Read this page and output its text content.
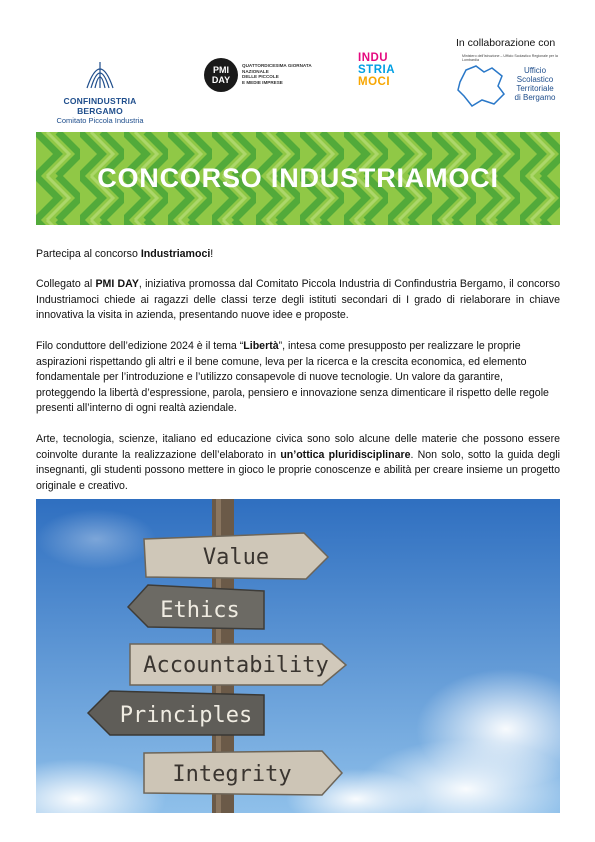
In collaborazione con
CONFINDUSTRIA BERGAMO
Comitato Piccola Industria
PMI
DAY
QUATTORDICESIMA GIORNATA
NAZIONALE
DELLE PICCOLE
E MEDIE IMPRESE
INDU
STRIA
MOCI
Ministero dell'Istruzione – Ufficio Scolastico Regionale per la Lombardia
Ufficio
Scolastico
Territoriale
di Bergamo
CONCORSO INDUSTRIAMOCI

Partecipa al concorso Industriamoci!

Collegato al PMI DAY, iniziativa promossa dal Comitato Piccola Industria di Confindustria Bergamo, il concorso Industriamoci chiede ai ragazzi delle classi terze degli istituti secondari di I grado di rielaborare in chiave innovativa la visita in azienda, presentando nuove idee e proposte.

Filo conduttore dell’edizione 2024 è il tema “Libertà”, intesa come presupposto per realizzare le proprie aspirazioni rispettando gli altri e il bene comune, leva per la ricerca e la crescita economica, ed elemento fondamentale per l’introduzione e l’utilizzo consapevole di nuove tecnologie. Un valore da garantire, proteggendo la libertà d’espressione, parola, pensiero e innovazione senza dimenticare il rispetto delle regole presenti all’interno di ogni realtà aziendale.

Arte, tecnologia, scienze, italiano ed educazione civica sono solo alcune delle materie che possono essere coinvolte durante la realizzazione dell’elaborato in un’ottica pluridisciplinare. Non solo, sotto la guida degli insegnanti, gli studenti possono mettere in gioco le proprie conoscenze e abilità per creare insieme un progetto originale e creativo.

Value
Ethics
Accountability
Principles
Integrity
